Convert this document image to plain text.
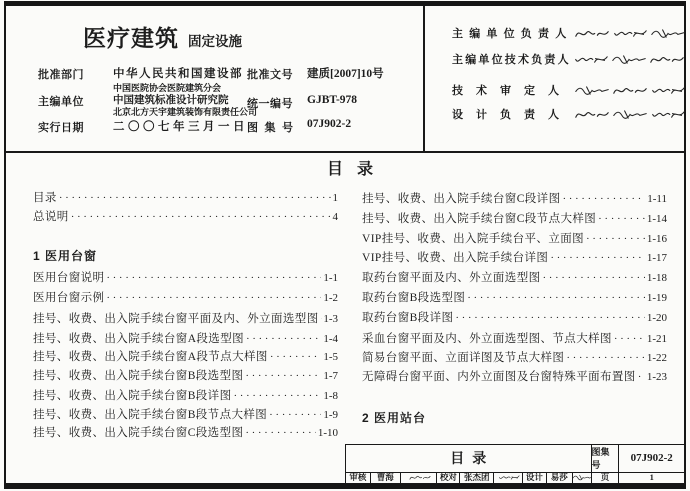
医疗建筑 固定设施
批准部门	中华人民共和国建设部
中国医院协会医院建筑分会
主编单位	中国建筑标准设计研究院
北京北方天宇建筑装饰有限责任公司
实行日期	二〇〇七年三月一日
批准文号 建质[2007]10号
统一编号 GJBT-978
图集号 07J902-2
主编单位负责人
主编单位技术负责人
技术审定人
设计负责人
目录
目录 ·····	1
总说明 ·····	4
1 医用台窗
医用台窗说明 ·····	1-1
医用台窗示例 ·····	1-2
挂号、收费、出入院手续台窗平面及内、外立面选型图 ····· 1-3
挂号、收费、出入院手续台窗A段选型图 ·····	1-4
挂号、收费、出入院手续台窗A段节点大样图 ·····	1-5
挂号、收费、出入院手续台窗B段选型图 ·····	1-7
挂号、收费、出入院手续台窗B段详图 ·····	1-8
挂号、收费、出入院手续台窗B段节点大样图 ·····	1-9
挂号、收费、出入院手续台窗C段选型图 ·····	1-10
挂号、收费、出入院手续台窗C段详图 ·····	1-11
挂号、收费、出入院手续台窗C段节点大样图 ·····	1-14
VIP挂号、收费、出入院手续台平、立面图 ·····	1-16
VIP挂号、收费、出入院手续台详图 ·····	1-17
取药台窗平面及内、外立面选型图 ·····	1-18
取药台窗B段选型图 ·····	1-19
取药台窗B段详图 ·····	1-20
采血台窗平面及内、外立面选型图、节点大样图 ·····	1-21
简易台窗平面、立面详图及节点大样图 ·····	1-22
无障碍台窗平面、内外立面图及台窗特殊平面布置图 ····· 1-23
2 医用站台
目录	图集号
07J902-2
审核	曹海	校对 张杰团	设计 易莎	页	1
